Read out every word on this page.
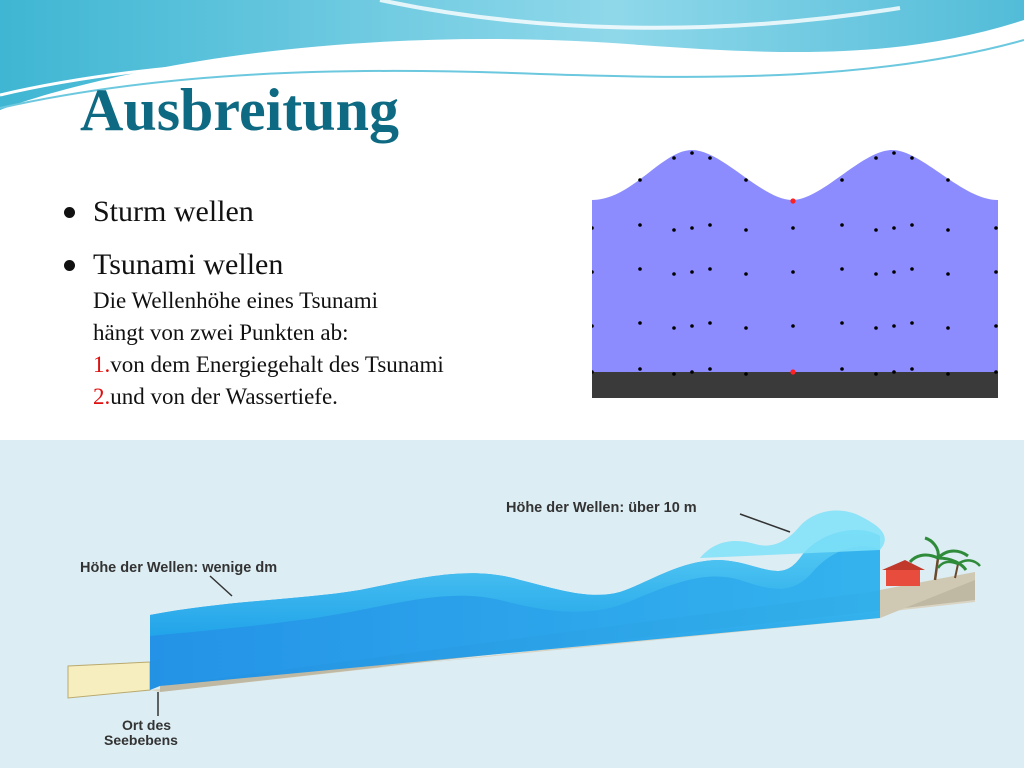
Ausbreitung
Sturm wellen
Tsunami wellen
Die Wellenhöhe eines Tsunami
hängt von zwei Punkten ab:
1.von dem Energiegehalt des Tsunami
2.und von der Wassertiefe.
Höhe der Wellen: über 10 m
Höhe der Wellen: wenige dm
Ort des
Seebebens
